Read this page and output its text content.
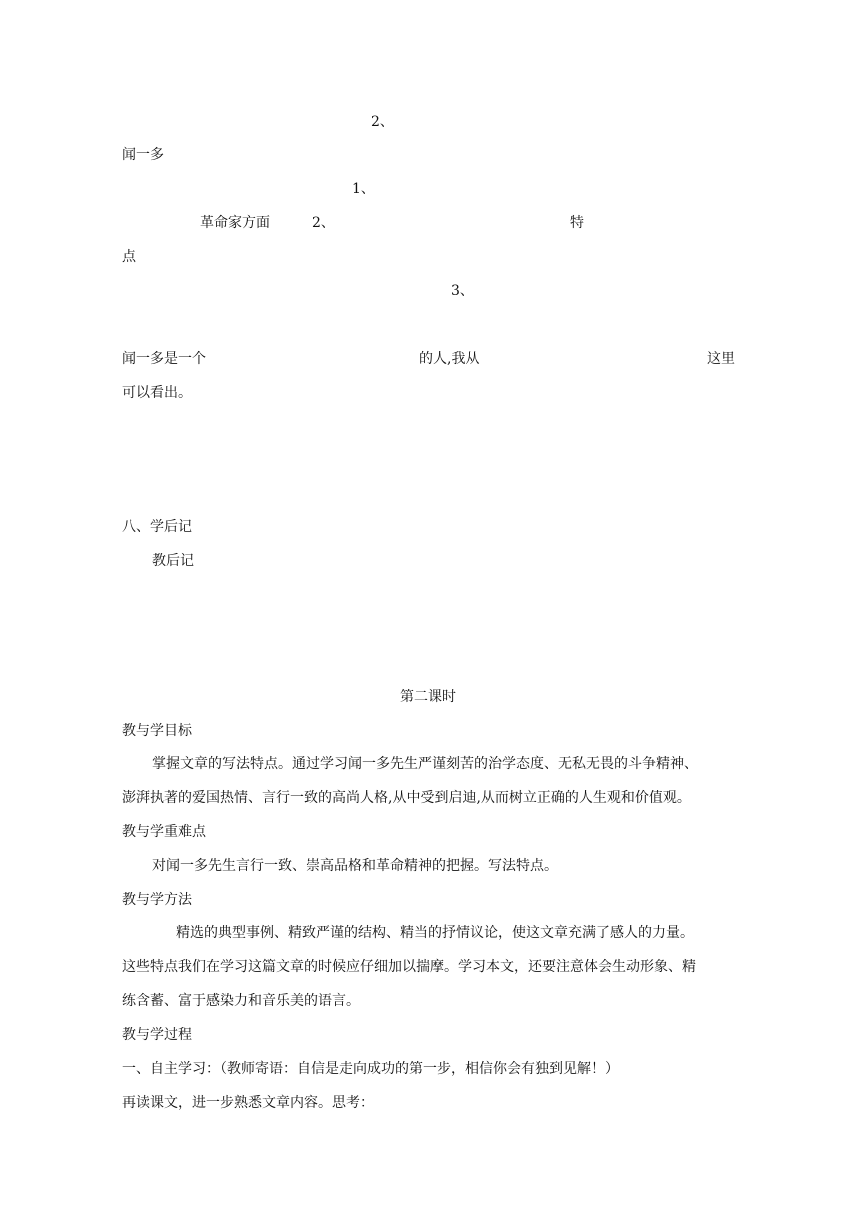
2、
闻一多
1、
革命家方面	2、	特
点
3、
闻一多是一个	的人,我从	这里
可以看出。
八、学后记
教后记
第二课时
教与学目标
掌握文章的写法特点。通过学习闻一多先生严谨刻苦的治学态度、无私无畏的斗争精神、
澎湃执著的爱国热情、言行一致的高尚人格,从中受到启迪,从而树立正确的人生观和价值观。
教与学重难点
对闻一多先生言行一致、崇高品格和革命精神的把握。写法特点。
教与学方法
精选的典型事例、精致严谨的结构、精当的抒情议论，使这文章充满了感人的力量。
这些特点我们在学习这篇文章的时候应仔细加以揣摩。学习本文，还要注意体会生动形象、精
练含蓄、富于感染力和音乐美的语言。
教与学过程
一、自主学习：（教师寄语：自信是走向成功的第一步，相信你会有独到见解！）
再读课文，进一步熟悉文章内容。思考：
